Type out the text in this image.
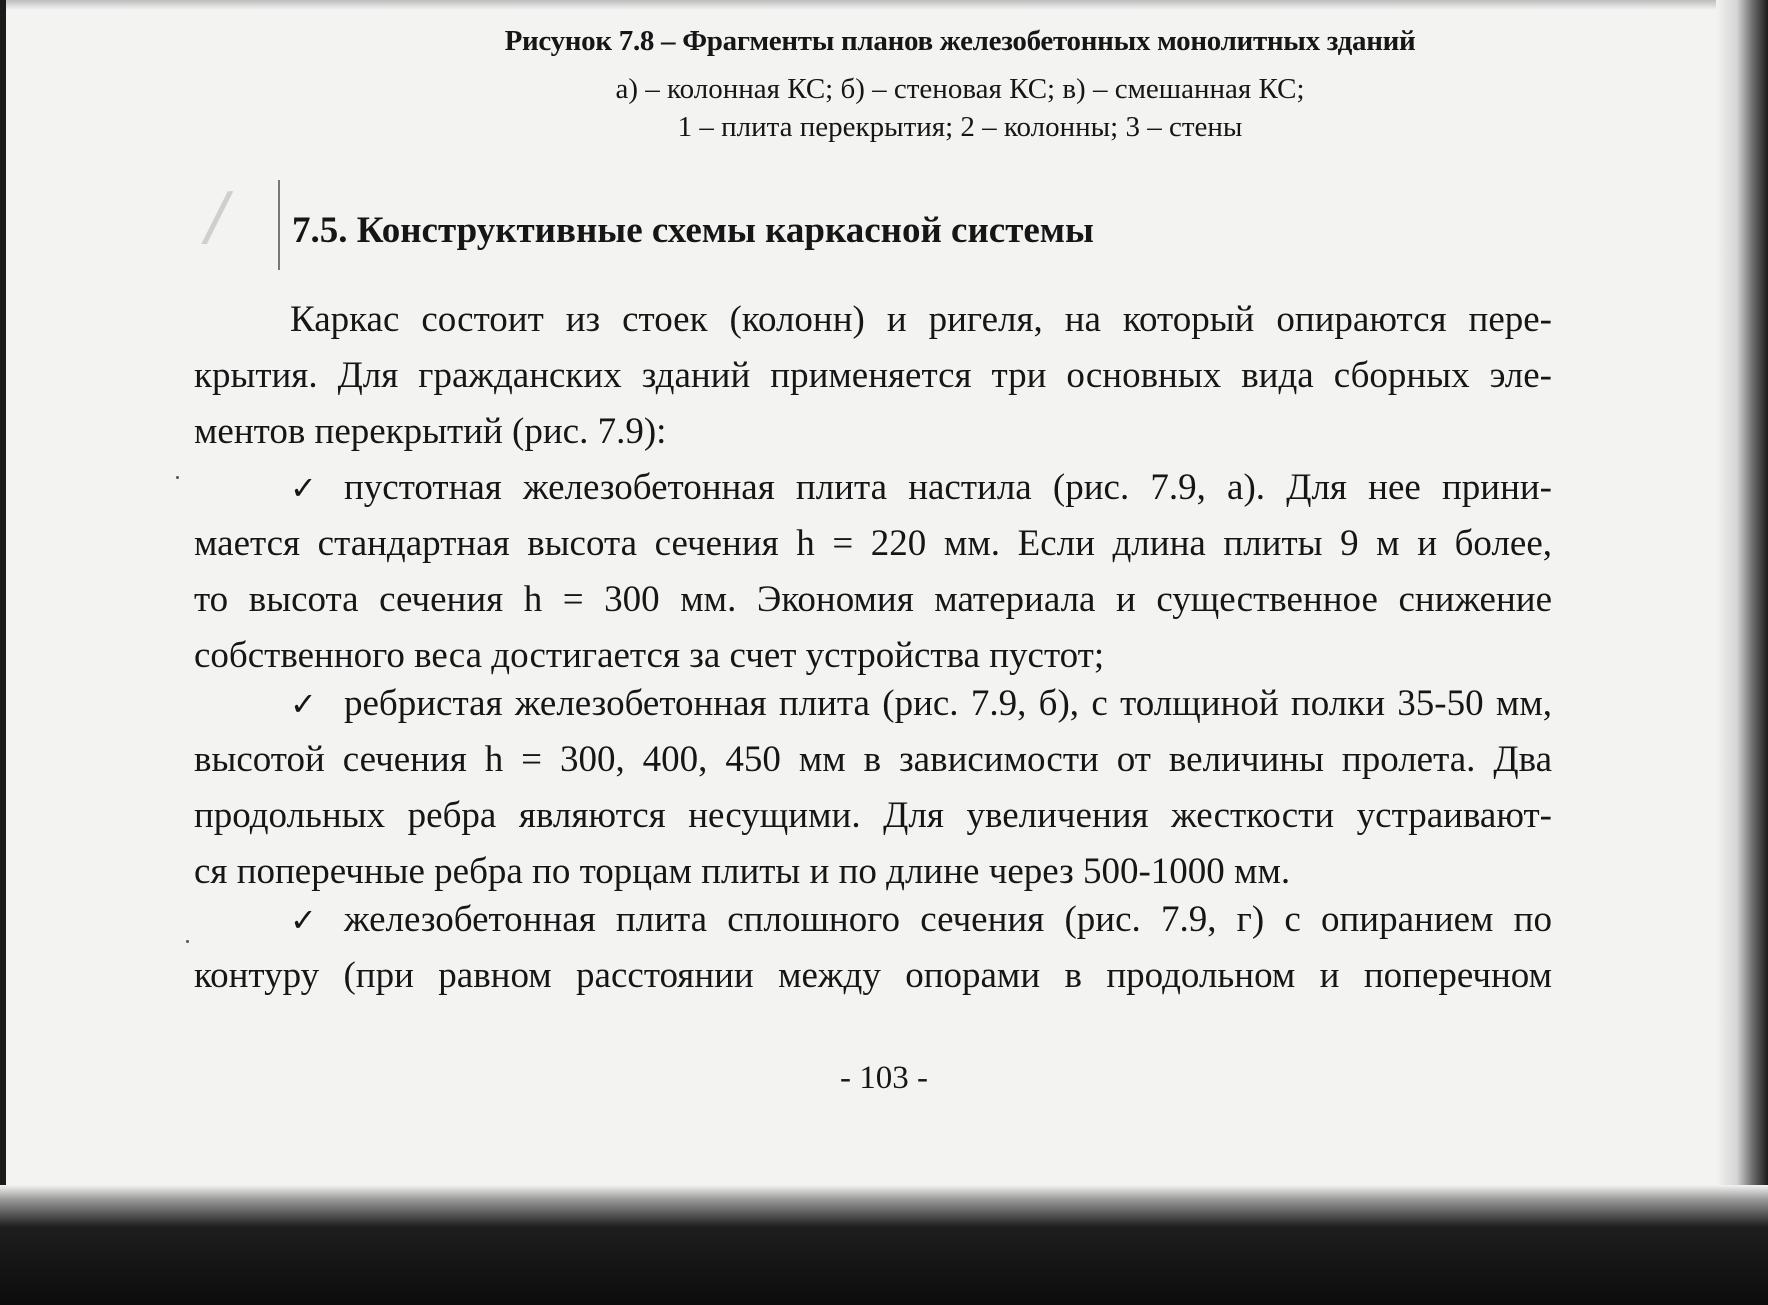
Рисунок 7.8 – Фрагменты планов железобетонных монолитных зданий
а) – колонная КС; б) – стеновая КС; в) – смешанная КС;
1 – плита перекрытия; 2 – колонны; 3 – стены
/	7.5. Конструктивные схемы каркасной системы
Каркас состоит из стоек (колонн) и ригеля, на который опираются пере-
крытия. Для гражданских зданий применяется три основных вида сборных эле-
ментов перекрытий (рис. 7.9):
✓ пустотная железобетонная плита настила (рис. 7.9, а). Для нее прини-
мается стандартная высота сечения h = 220 мм. Если длина плиты 9 м и более,
то высота сечения h = 300 мм. Экономия материала и существенное снижение
собственного веса достигается за счет устройства пустот;
✓ ребристая железобетонная плита (рис. 7.9, б), с толщиной полки 35-50 мм,
высотой сечения h = 300, 400, 450 мм в зависимости от величины пролета. Два
продольных ребра являются несущими. Для увеличения жесткости устраивают-
ся поперечные ребра по торцам плиты и по длине через 500-1000 мм.
✓ железобетонная плита сплошного сечения (рис. 7.9, г) с опиранием по
контуру (при равном расстоянии между опорами в продольном и поперечном
- 103 -
